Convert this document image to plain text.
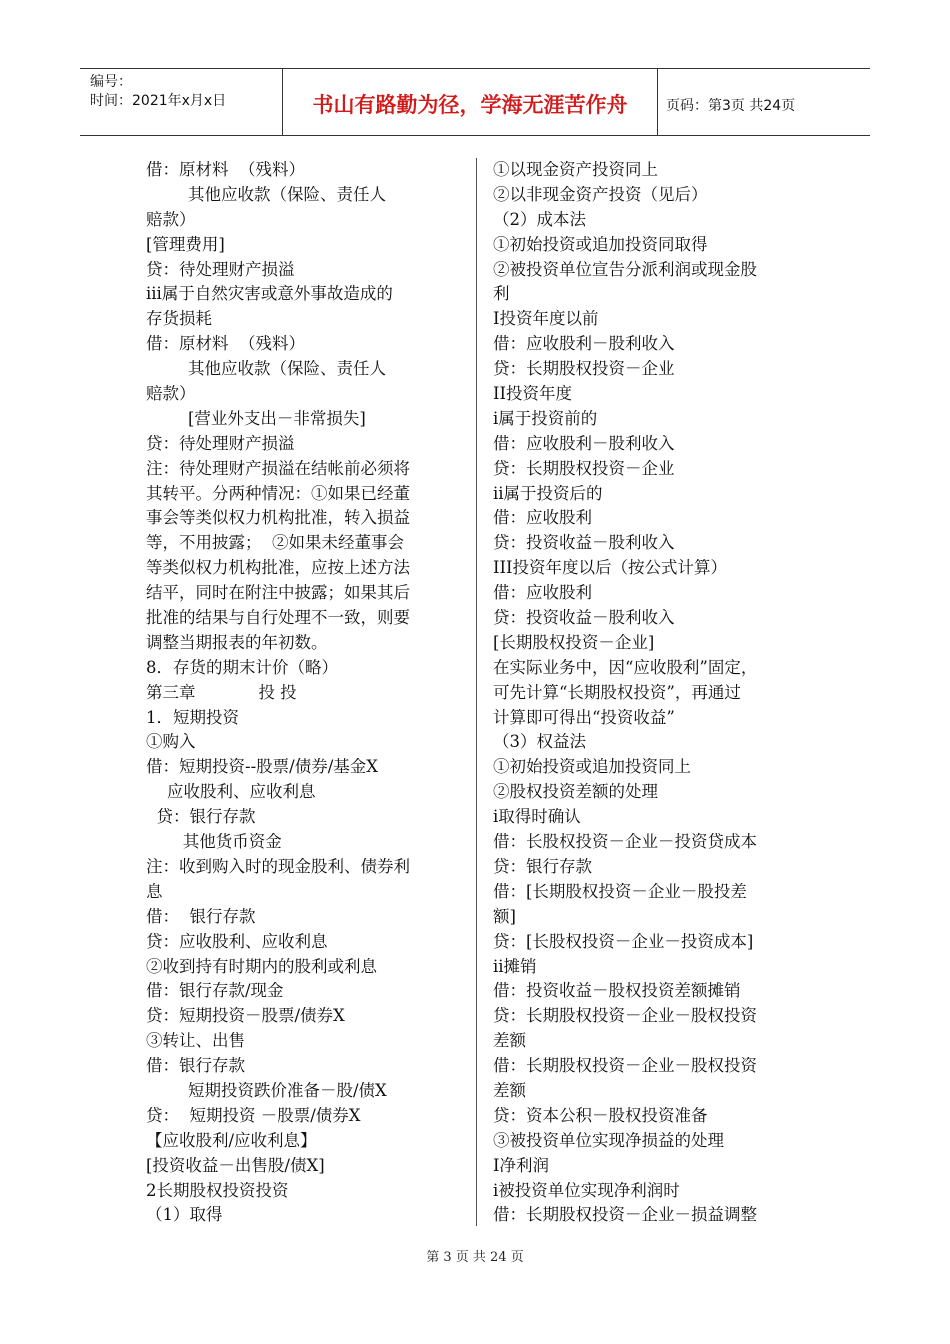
编号：
时间：2021年x月x日	书山有路勤为径，学海无涯苦作舟	页码：第3页 共24页
借：原材料  （残料）
其他应收款（保险、责任人
赔款）
[管理费用]
贷：待处理财产损溢
iii属于自然灾害或意外事故造成的
存货损耗
借：原材料  （残料）
其他应收款（保险、责任人
赔款）
[营业外支出－非常损失]
贷：待处理财产损溢
注：待处理财产损溢在结帐前必须将
其转平。分两种情况：①如果已经董
事会等类似权力机构批准，转入损益
等，不用披露；  ②如果未经董事会
等类似权力机构批准，应按上述方法
结平，同时在附注中披露；如果其后
批准的结果与自行处理不一致，则要
调整当期报表的年初数。
8．存货的期末计价（略）
第三章            投 投
1．短期投资
①购入
借：短期投资--股票/债券/基金X
应收股利、应收利息
贷：银行存款
其他货币资金
注：收到购入时的现金股利、债券利
息
借：  银行存款
贷：应收股利、应收利息
②收到持有时期内的股利或利息
借：银行存款/现金
贷：短期投资－股票/债券X
③转让、出售
借：银行存款
短期投资跌价准备－股/债X
贷：  短期投资 －股票/债券X
【应收股利/应收利息】
[投资收益－出售股/债X]
2长期股权投资投资
（1）取得
①以现金资产投资同上
②以非现金资产投资（见后）
（2）成本法
①初始投资或追加投资同取得
②被投资单位宣告分派利润或现金股
利
I投资年度以前
借：应收股利－股利收入
贷：长期股权投资－企业
II投资年度
i属于投资前的
借：应收股利－股利收入
贷：长期股权投资－企业
ii属于投资后的
借：应收股利
贷：投资收益－股利收入
III投资年度以后（按公式计算）
借：应收股利
贷：投资收益－股利收入
[长期股权投资－企业]
在实际业务中，因“应收股利”固定，
可先计算“长期股权投资”，再通过
计算即可得出“投资收益”
（3）权益法
①初始投资或追加投资同上
②股权投资差额的处理
i取得时确认
借：长股权投资－企业－投资贷成本
贷：银行存款
借：[长期股权投资－企业－股投差
额]
贷：[长股权投资－企业－投资成本]
ii摊销
借：投资收益－股权投资差额摊销
贷：长期股权投资－企业－股权投资
差额
借：长期股权投资－企业－股权投资
差额
贷：资本公积－股权投资准备
③被投资单位实现净损益的处理
I净利润
i被投资单位实现净利润时
借：长期股权投资－企业－损益调整
第 3 页 共 24 页
